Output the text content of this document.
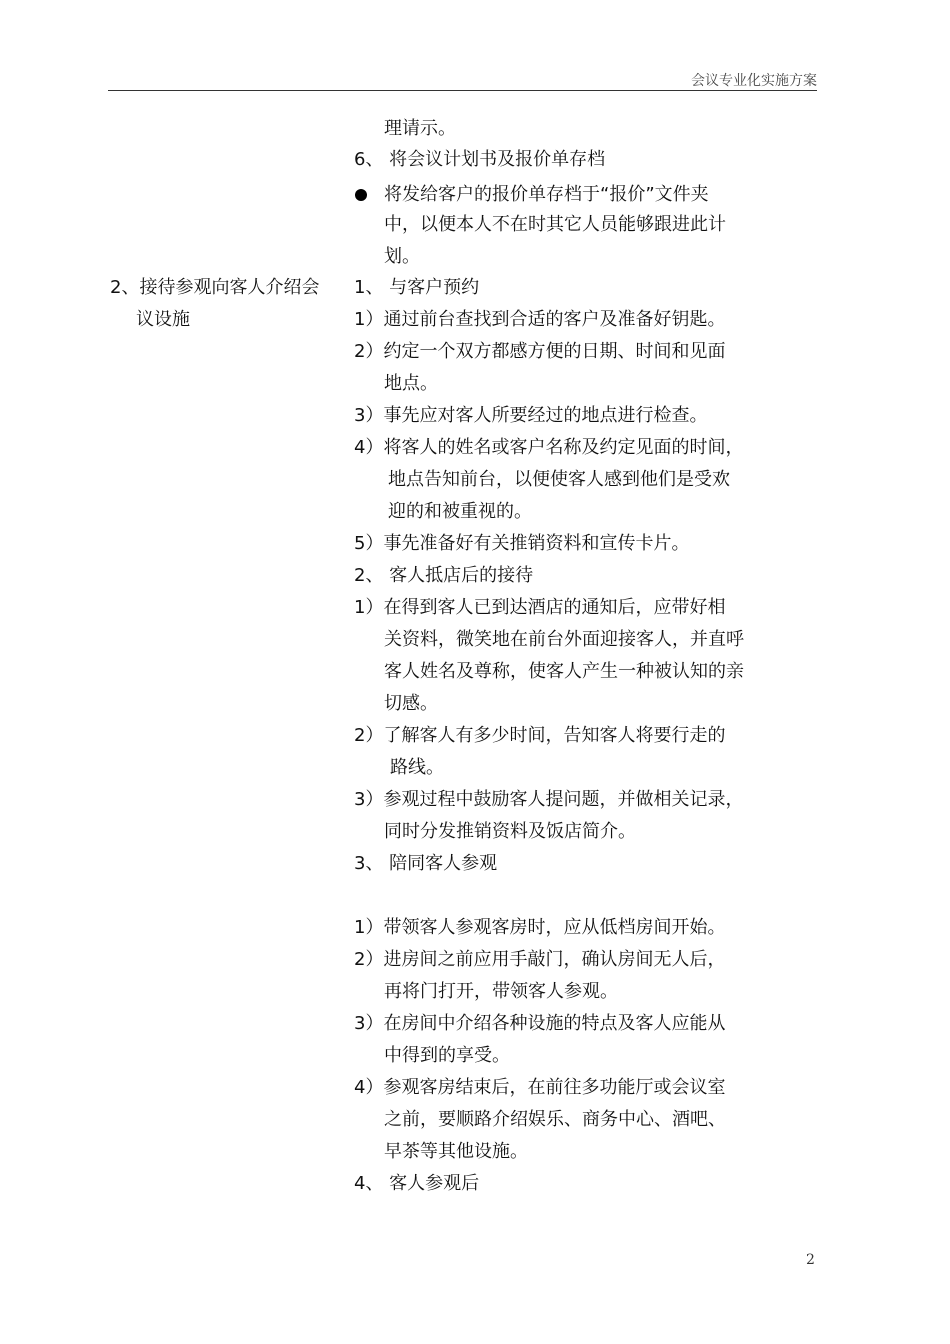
会议专业化实施方案
2、接待参观向客人介绍会
议设施
理请示。
6、 将会议计划书及报价单存档
将发给客户的报价单存档于“报价”文件夹
中，以便本人不在时其它人员能够跟进此计
划。
1、 与客户预约
1）通过前台查找到合适的客户及准备好钥匙。
2）约定一个双方都感方便的日期、时间和见面
地点。
3）事先应对客人所要经过的地点进行检查。
4）将客人的姓名或客户名称及约定见面的时间，
地点告知前台，以便使客人感到他们是受欢
迎的和被重视的。
5）事先准备好有关推销资料和宣传卡片。
2、 客人抵店后的接待
1）在得到客人已到达酒店的通知后，应带好相
关资料，微笑地在前台外面迎接客人，并直呼
客人姓名及尊称，使客人产生一种被认知的亲
切感。
2）了解客人有多少时间，告知客人将要行走的
路线。
3）参观过程中鼓励客人提问题，并做相关记录，
同时分发推销资料及饭店简介。
3、 陪同客人参观
1）带领客人参观客房时，应从低档房间开始。
2）进房间之前应用手敲门，确认房间无人后，
再将门打开，带领客人参观。
3）在房间中介绍各种设施的特点及客人应能从
中得到的享受。
4）参观客房结束后，在前往多功能厅或会议室
之前，要顺路介绍娱乐、商务中心、酒吧、
早茶等其他设施。
4、 客人参观后
2
